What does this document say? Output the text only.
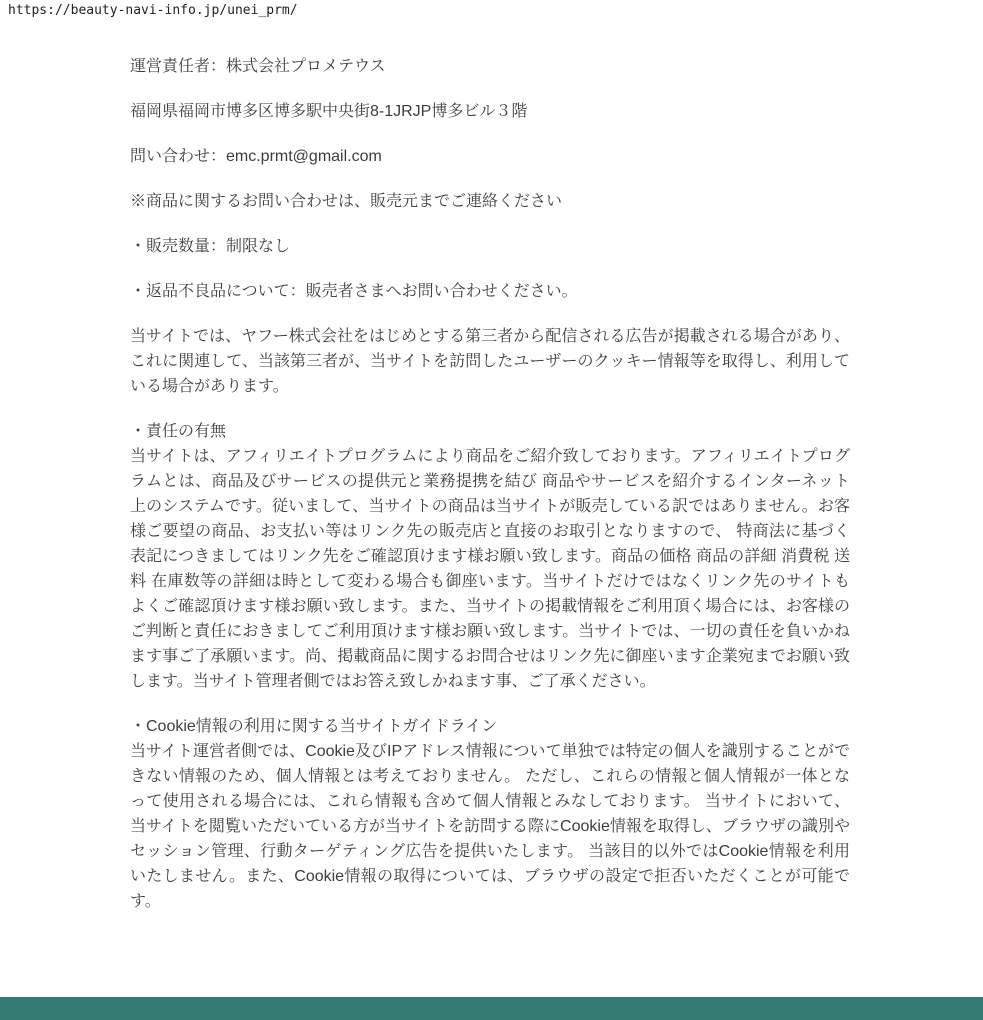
https://beauty-navi-info.jp/unei_prm/

運営責任者：株式会社プロメテウス

福岡県福岡市博多区博多駅中央街8-1JRJP博多ビル３階

問い合わせ：emc.prmt@gmail.com

※商品に関するお問い合わせは、販売元までご連絡ください

・販売数量：制限なし

・返品不良品について：販売者さまへお問い合わせください。

当サイトでは、ヤフー株式会社をはじめとする第三者から配信される広告が掲載される場合があり、これに関連して、当該第三者が、当サイトを訪問したユーザーのクッキー情報等を取得し、利用している場合があります。

・責任の有無
当サイトは、アフィリエイトプログラムにより商品をご紹介致しております。アフィリエイトプログラムとは、商品及びサービスの提供元と業務提携を結び 商品やサービスを紹介するインターネット上のシステムです。従いまして、当サイトの商品は当サイトが販売している訳ではありません。お客様ご要望の商品、お支払い等はリンク先の販売店と直接のお取引となりますので、 特商法に基づく表記につきましてはリンク先をご確認頂けます様お願い致します。商品の価格 商品の詳細 消費税 送料 在庫数等の詳細は時として変わる場合も御座います。当サイトだけではなくリンク先のサイトもよくご確認頂けます様お願い致します。また、当サイトの掲載情報をご利用頂く場合には、お客様のご判断と責任におきましてご利用頂けます様お願い致します。当サイトでは、一切の責任を負いかねます事ご了承願います。尚、掲載商品に関するお問合せはリンク先に御座います企業宛までお願い致します。当サイト管理者側ではお答え致しかねます事、ご了承ください。

・Cookie情報の利用に関する当サイトガイドライン
当サイト運営者側では、Cookie及びIPアドレス情報について単独では特定の個人を識別することができない情報のため、個人情報とは考えておりません。 ただし、これらの情報と個人情報が一体となって使用される場合には、これら情報も含めて個人情報とみなしております。 当サイトにおいて、当サイトを閲覧いただいている方が当サイトを訪問する際にCookie情報を取得し、ブラウザの識別やセッション管理、行動ターゲティング広告を提供いたします。 当該目的以外ではCookie情報を利用いたしません。また、Cookie情報の取得については、ブラウザの設定で拒否いただくことが可能です。
